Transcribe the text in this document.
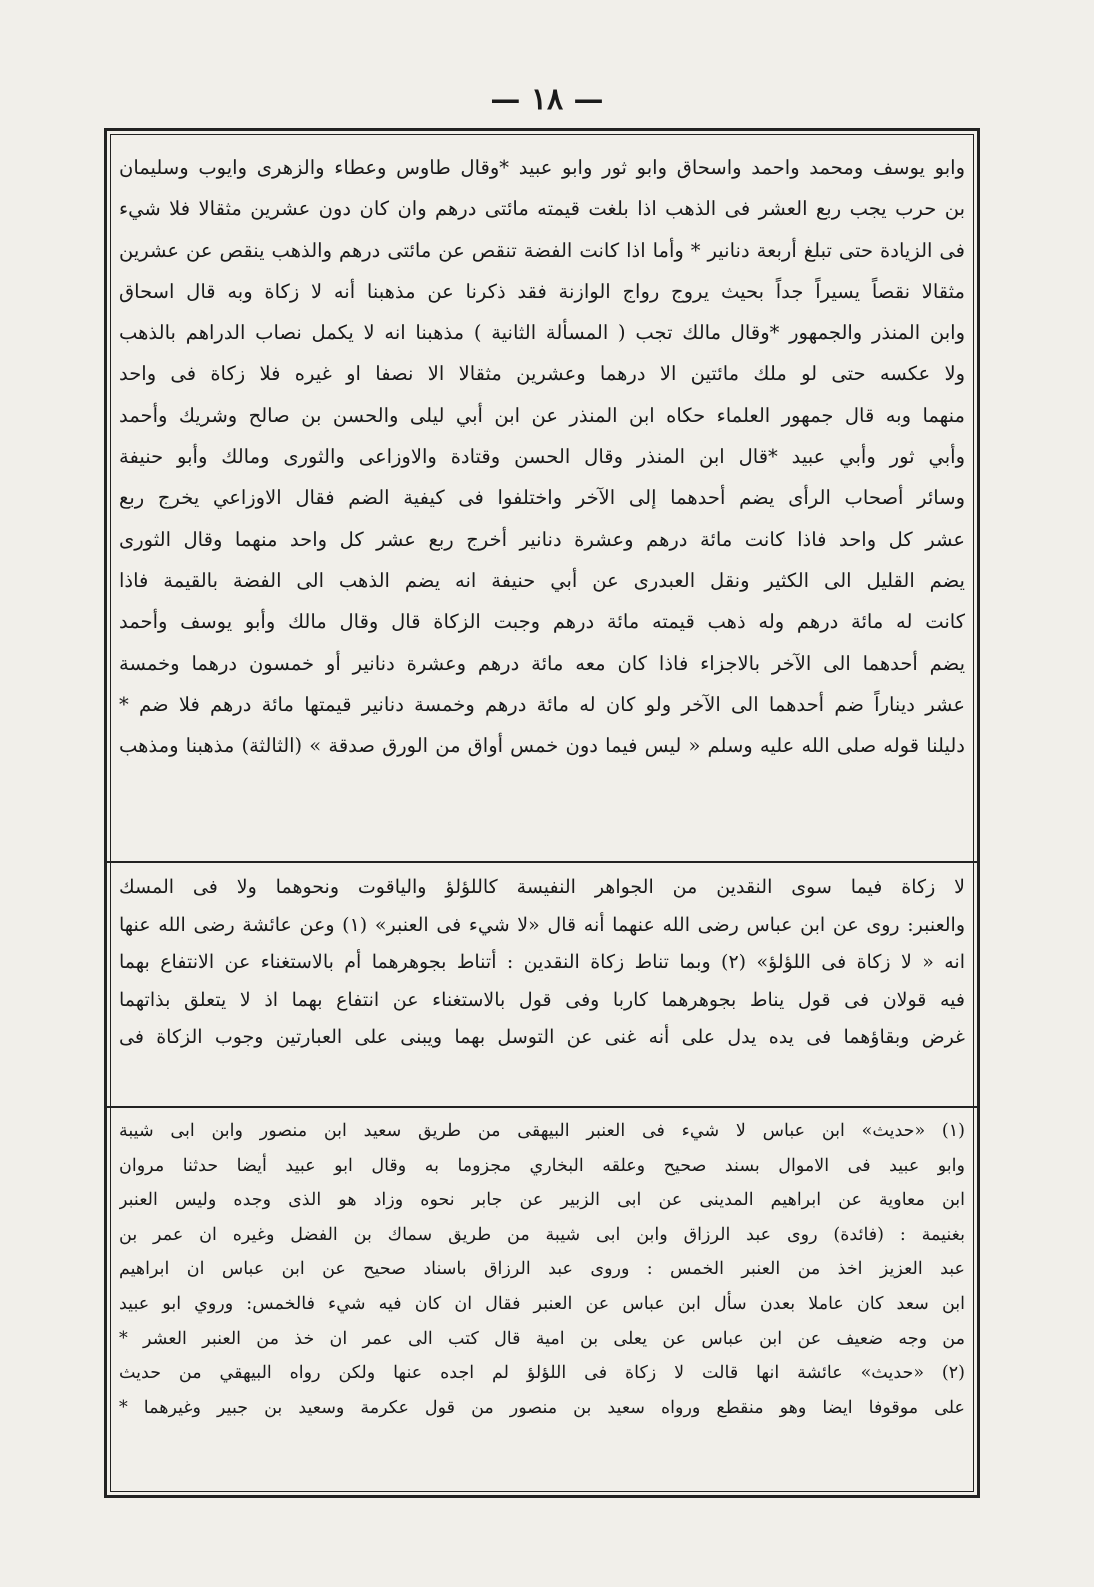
— ١٨ —
وابو يوسف ومحمد واحمد واسحاق وابو ثور وابو عبيد *وقال طاوس وعطاء والزهرى وايوب وسليمان
بن حرب يجب ربع العشر فى الذهب اذا بلغت قيمته مائتى درهم وان كان دون عشرين مثقالا فلا شيء
فى الزيادة حتى تبلغ أربعة دنانير * وأما اذا كانت الفضة تنقص عن مائتى درهم والذهب ينقص عن عشرين
مثقالا نقصاً يسيراً جداً بحيث يروج رواج الوازنة فقد ذكرنا عن مذهبنا أنه لا زكاة وبه قال اسحاق
وابن المنذر والجمهور *وقال مالك تجب ( المسألة الثانية ) مذهبنا انه لا يكمل نصاب الدراهم بالذهب
ولا عكسه حتى لو ملك مائتين الا درهما وعشرين مثقالا الا نصفا او غيره فلا زكاة فى واحد
منهما وبه قال جمهور العلماء حكاه ابن المنذر عن ابن أبي ليلى والحسن بن صالح وشريك وأحمد
وأبي ثور وأبي عبيد *قال ابن المنذر وقال الحسن وقتادة والاوزاعى والثورى ومالك وأبو حنيفة
وسائر أصحاب الرأى يضم أحدهما إلى الآخر واختلفوا فى كيفية الضم فقال الاوزاعي يخرج ربع
عشر كل واحد فاذا كانت مائة درهم وعشرة دنانير أخرج ربع عشر كل واحد منهما وقال الثورى
يضم القليل الى الكثير ونقل العبدرى عن أبي حنيفة انه يضم الذهب الى الفضة بالقيمة فاذا
كانت له مائة درهم وله ذهب قيمته مائة درهم وجبت الزكاة قال وقال مالك وأبو يوسف وأحمد
يضم أحدهما الى الآخر بالاجزاء فاذا كان معه مائة درهم وعشرة دنانير أو خمسون درهما وخمسة
عشر ديناراً ضم أحدهما الى الآخر ولو كان له مائة درهم وخمسة دنانير قيمتها مائة درهم فلا ضم *
دليلنا قوله صلى الله عليه وسلم « ليس فيما دون خمس أواق من الورق صدقة » (الثالثة) مذهبنا ومذهب
لا زكاة فيما سوى النقدين من الجواهر النفيسة كاللؤلؤ والياقوت ونحوهما ولا فى المسك
والعنبر: روى عن ابن عباس رضى الله عنهما أنه قال «لا شيء فى العنبر» (١) وعن عائشة رضى الله عنها
انه « لا زكاة فى اللؤلؤ» (٢) وبما تناط زكاة النقدين : أتناط بجوهرهما أم بالاستغناء عن الانتفاع بهما
فيه قولان فى قول يناط بجوهرهما كاربا وفى قول بالاستغناء عن انتفاع بهما اذ لا يتعلق بذاتهما
غرض وبقاؤهما فى يده يدل على أنه غنى عن التوسل بهما ويبنى على العبارتين وجوب الزكاة فى
(١) «حديث» ابن عباس لا شيء فى العنبر البيهقى من طريق سعيد ابن منصور وابن ابى شيبة
وابو عبيد فى الاموال بسند صحيح وعلقه البخاري مجزوما به وقال ابو عبيد أيضا حدثنا مروان
ابن معاوية عن ابراهيم المدينى عن ابى الزبير عن جابر نحوه وزاد هو الذى وجده وليس العنبر
بغنيمة : (فائدة) روى عبد الرزاق وابن ابى شيبة من طريق سماك بن الفضل وغيره ان عمر بن
عبد العزيز اخذ من العنبر الخمس : وروى عبد الرزاق باسناد صحيح عن ابن عباس ان ابراهيم
ابن سعد كان عاملا بعدن سأل ابن عباس عن العنبر فقال ان كان فيه شيء فالخمس: وروي ابو عبيد
من وجه ضعيف عن ابن عباس عن يعلى بن امية قال كتب الى عمر ان خذ من العنبر العشر *
(٢) «حديث» عائشة انها قالت لا زكاة فى اللؤلؤ لم اجده عنها ولكن رواه البيهقي من حديث
على موقوفا ايضا وهو منقطع ورواه سعيد بن منصور من قول عكرمة وسعيد بن جبير وغيرهما *
